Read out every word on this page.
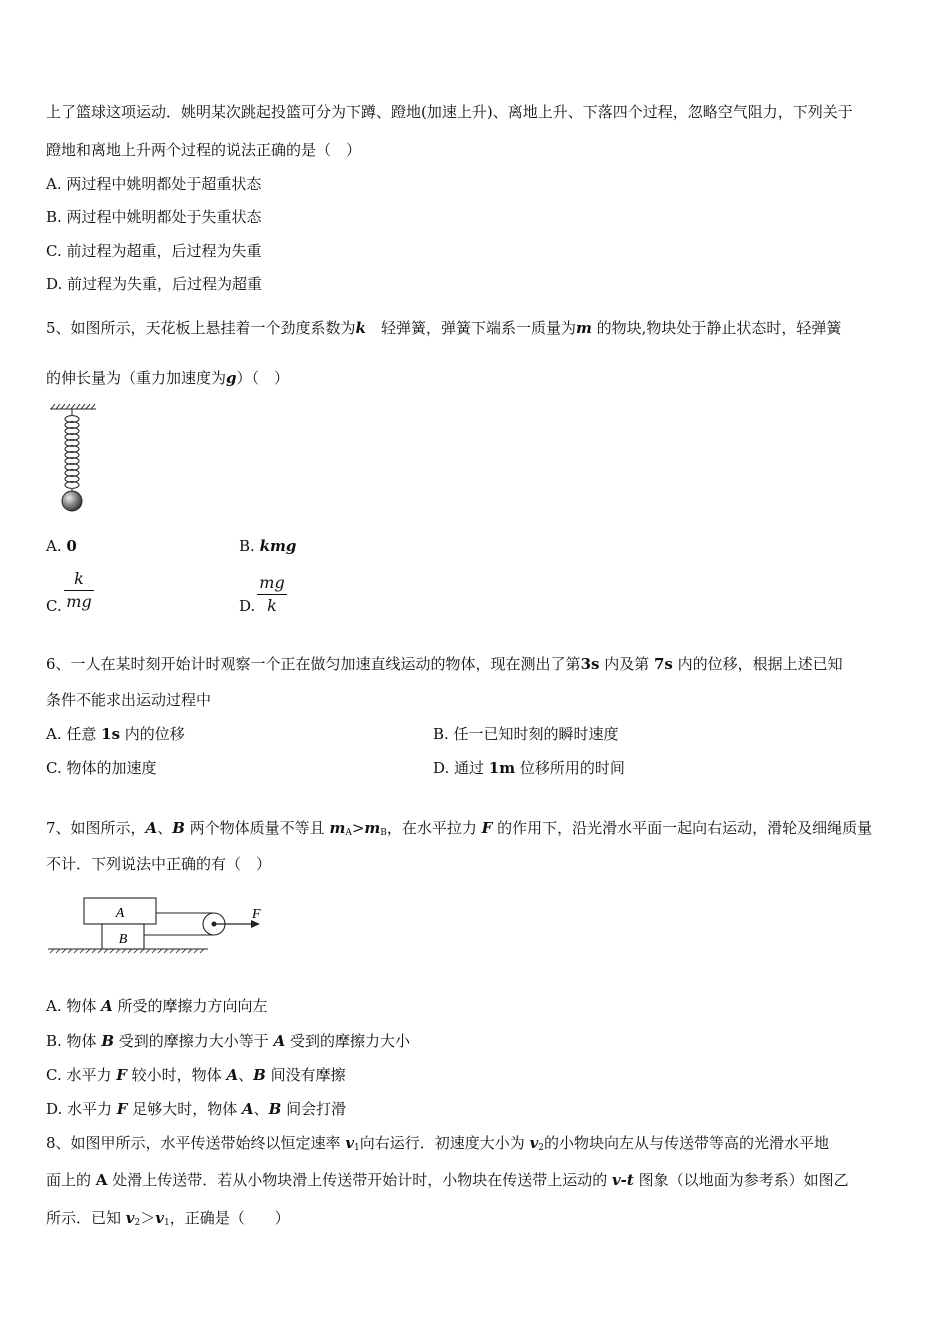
上了篮球这项运动．姚明某次跳起投篮可分为下蹲、蹬地(加速上升)、离地上升、下落四个过程，忽略空气阻力，下列关于
蹬地和离地上升两个过程的说法正确的是（　）
A. 两过程中姚明都处于超重状态
B. 两过程中姚明都处于失重状态
C. 前过程为超重，后过程为失重
D. 前过程为失重，后过程为超重
5、如图所示，天花板上悬挂着一个劲度系数为k　轻弹簧，弹簧下端系一质量为m 的物块,物块处于静止状态时，轻弹簧
的伸长量为（重力加速度为g）（　）
A. 0	B. kmg
C.
k
mg	D.
mg
k
6、一人在某时刻开始计时观察一个正在做匀加速直线运动的物体，现在测出了第3s 内及第 7s 内的位移，根据上述已知
条件不能求出运动过程中
A. 任意 1s 内的位移	B. 任一已知时刻的瞬时速度
C. 物体的加速度	D. 通过 1m 位移所用的时间
7、如图所示，A、B 两个物体质量不等且 $m_A>m_B$，在水平拉力 F 的作用下，沿光滑水平面一起向右运动，滑轮及细绳质量
不计．下列说法中正确的有（　）
A
B
F
A. 物体 A 所受的摩擦力方向向左
B. 物体 B 受到的摩擦力大小等于 A 受到的摩擦力大小
C. 水平力 F 较小时，物体 A、B 间没有摩擦
D. 水平力 F 足够大时，物体 A、B 间会打滑
8、如图甲所示，水平传送带始终以恒定速率 $v_1$向右运行．初速度大小为 $v_2$的小物块向左从与传送带等高的光滑水平地
面上的 A 处滑上传送带．若从小物块滑上传送带开始计时，小物块在传送带上运动的 v-t 图象（以地面为参考系）如图乙
所示．已知 $v_2>v_1$，正确是（　　）
